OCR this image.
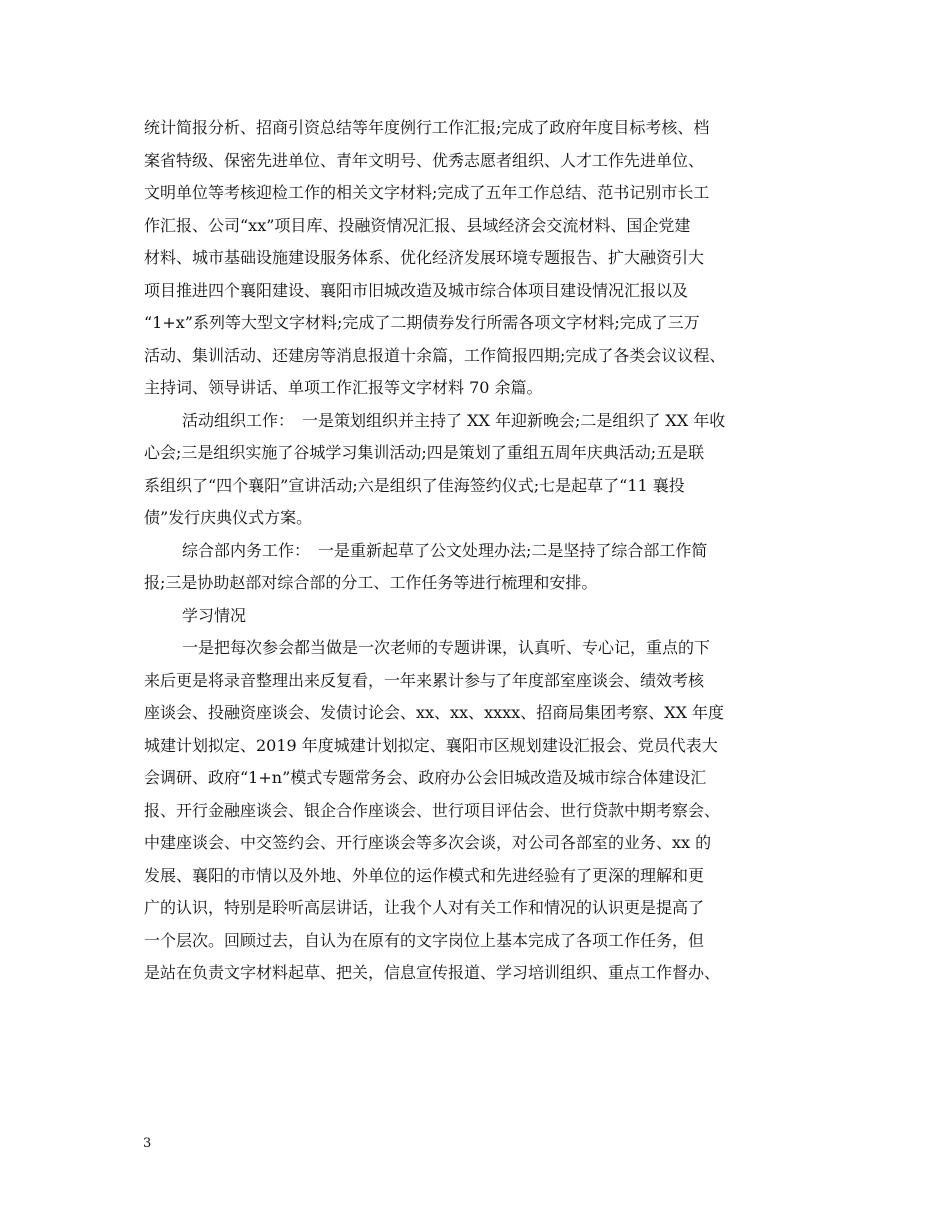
统计简报分析、招商引资总结等年度例行工作汇报;完成了政府年度目标考核、档
案省特级、保密先进单位、青年文明号、优秀志愿者组织、人才工作先进单位、
文明单位等考核迎检工作的相关文字材料;完成了五年工作总结、范书记别市长工
作汇报、公司“xx”项目库、投融资情况汇报、县域经济会交流材料、国企党建
材料、城市基础设施建设服务体系、优化经济发展环境专题报告、扩大融资引大
项目推进四个襄阳建设、襄阳市旧城改造及城市综合体项目建设情况汇报以及
“1+x”系列等大型文字材料;完成了二期债券发行所需各项文字材料;完成了三万
活动、集训活动、还建房等消息报道十余篇，工作简报四期;完成了各类会议议程、
主持词、领导讲话、单项工作汇报等文字材料 70 余篇。
活动组织工作：　一是策划组织并主持了 XX 年迎新晚会;二是组织了 XX 年收
心会;三是组织实施了谷城学习集训活动;四是策划了重组五周年庆典活动;五是联
系组织了“四个襄阳”宣讲活动;六是组织了佳海签约仪式;七是起草了“11 襄投
债”发行庆典仪式方案。
综合部内务工作：　一是重新起草了公文处理办法;二是坚持了综合部工作简
报;三是协助赵部对综合部的分工、工作任务等进行梳理和安排。
学习情况
一是把每次参会都当做是一次老师的专题讲课，认真听、专心记，重点的下
来后更是将录音整理出来反复看，一年来累计参与了年度部室座谈会、绩效考核
座谈会、投融资座谈会、发债讨论会、xx、xx、xxxx、招商局集团考察、XX 年度
城建计划拟定、2019 年度城建计划拟定、襄阳市区规划建设汇报会、党员代表大
会调研、政府“1+n”模式专题常务会、政府办公会旧城改造及城市综合体建设汇
报、开行金融座谈会、银企合作座谈会、世行项目评估会、世行贷款中期考察会、
中建座谈会、中交签约会、开行座谈会等多次会谈，对公司各部室的业务、xx 的
发展、襄阳的市情以及外地、外单位的运作模式和先进经验有了更深的理解和更
广的认识，特别是聆听高层讲话，让我个人对有关工作和情况的认识更是提高了
一个层次。回顾过去，自认为在原有的文字岗位上基本完成了各项工作任务，但
是站在负责文字材料起草、把关，信息宣传报道、学习培训组织、重点工作督办、
3
